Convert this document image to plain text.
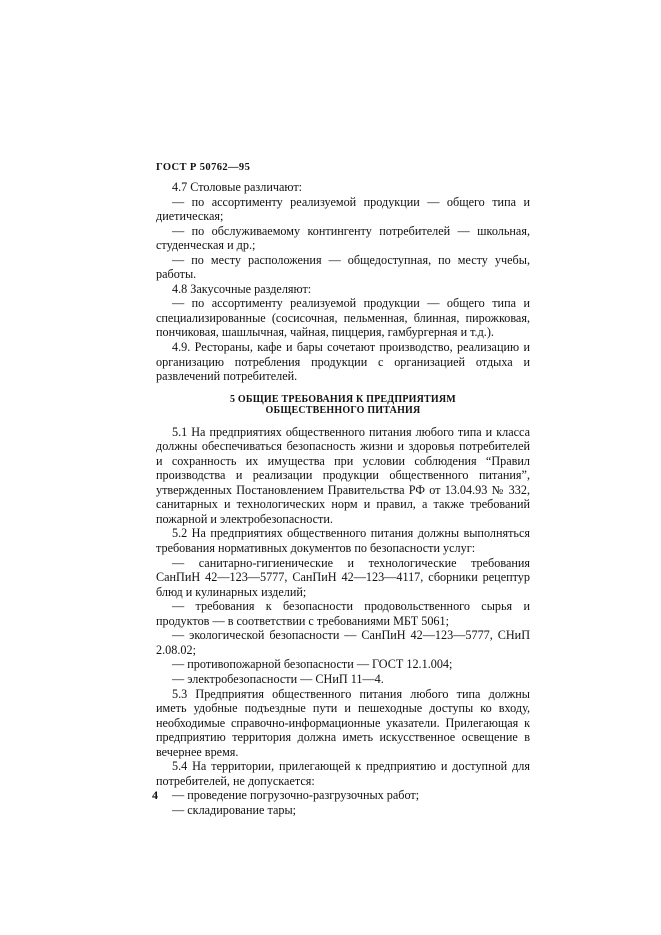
ГОСТ Р 50762—95

4.7 Столовые различают:

— по ассортименту реализуемой продукции — общего типа и диетическая;

— по обслуживаемому контингенту потребителей — школьная, студенческая и др.;

— по месту расположения — общедоступная, по месту учебы, работы.

4.8 Закусочные разделяют:

— по ассортименту реализуемой продукции — общего типа и специализированные (сосисочная, пельменная, блинная, пирожковая, пончиковая, шашлычная, чайная, пиццерия, гамбургерная и т.д.).

4.9. Рестораны, кафе и бары сочетают производство, реализацию и организацию потребления продукции с организацией отдыха и развлечений потребителей.

5 ОБЩИЕ ТРЕБОВАНИЯ К ПРЕДПРИЯТИЯМ
ОБЩЕСТВЕННОГО ПИТАНИЯ

5.1 На предприятиях общественного питания любого типа и класса должны обеспечиваться безопасность жизни и здоровья потребителей и сохранность их имущества при условии соблюдения “Правил производства и реализации продукции общественного питания”, утвержденных Постановлением Правительства РФ от 13.04.93 № 332, санитарных и технологических норм и правил, а также требований пожарной и электробезопасности.

5.2 На предприятиях общественного питания должны выполняться требования нормативных документов по безопасности услуг:

— санитарно-гигиенические и технологические требования СанПиН 42—123—5777, СанПиН 42—123—4117, сборники рецептур блюд и кулинарных изделий;

— требования к безопасности продовольственного сырья и продуктов — в соответствии с требованиями МБТ 5061;

— экологической безопасности — СанПиН 42—123—5777, СНиП 2.08.02;

— противопожарной безопасности — ГОСТ 12.1.004;

— электробезопасности — СНиП 11—4.

5.3 Предприятия общественного питания любого типа должны иметь удобные подъездные пути и пешеходные доступы ко входу, необходимые справочно-информационные указатели. Прилегающая к предприятию территория должна иметь искусственное освещение в вечернее время.

5.4 На территории, прилегающей к предприятию и доступной для потребителей, не допускается:

— проведение погрузочно-разгрузочных работ;

— складирование тары;

4
